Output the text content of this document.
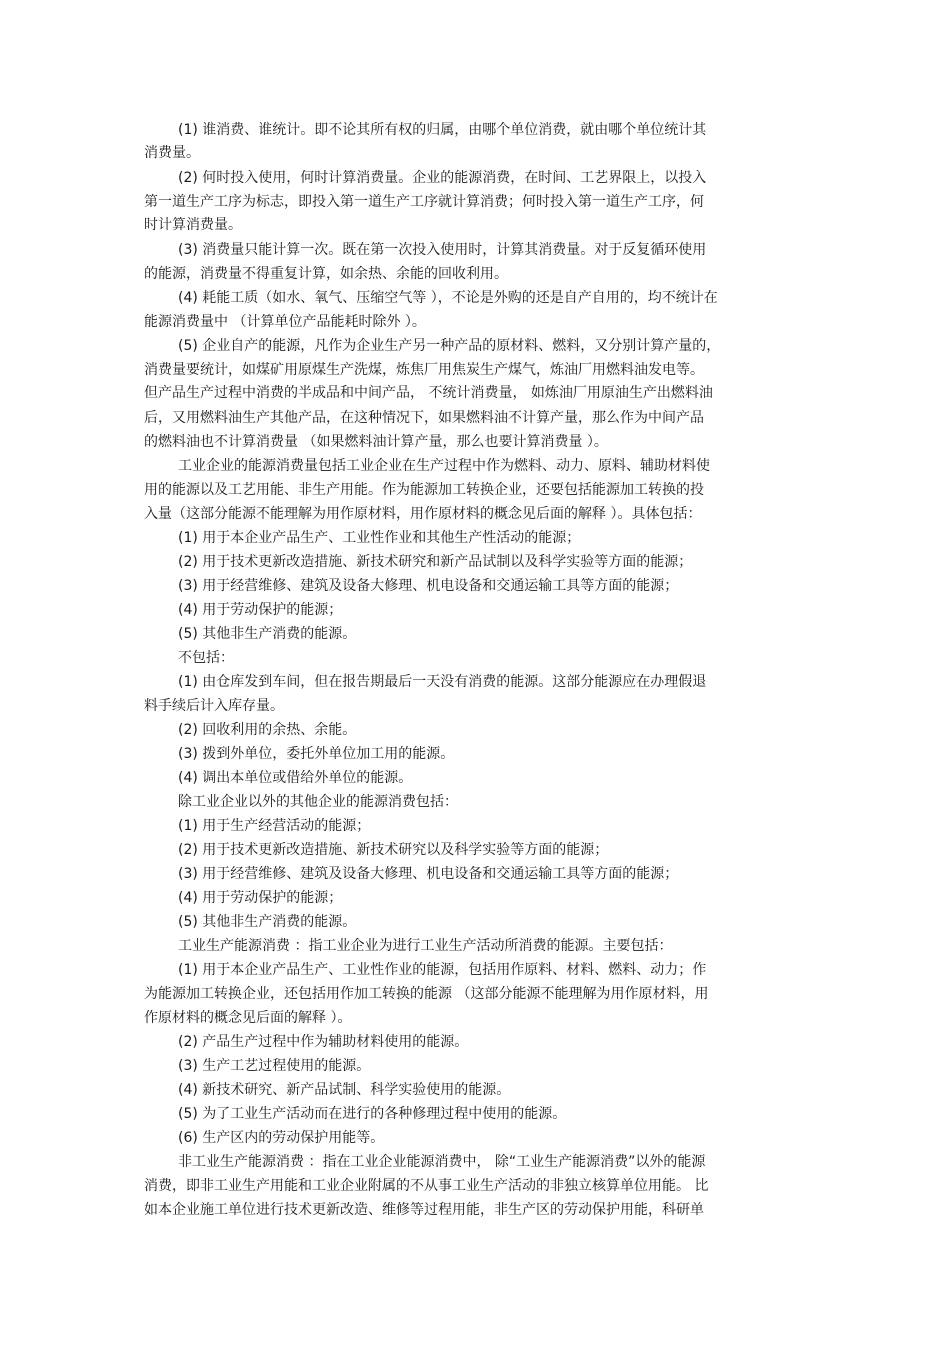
(1) 谁消费、谁统计。即不论其所有权的归属，由哪个单位消费，就由哪个单位统计其
消费量。
(2) 何时投入使用，何时计算消费量。企业的能源消费，在时间、工艺界限上，以投入
第一道生产工序为标志，即投入第一道生产工序就计算消费；何时投入第一道生产工序，何
时计算消费量。
(3) 消费量只能计算一次。既在第一次投入使用时，计算其消费量。对于反复循环使用
的能源，消费量不得重复计算，如余热、余能的回收利用。
(4) 耗能工质（如水、氧气、压缩空气等 ），不论是外购的还是自产自用的，均不统计在
能源消费量中 （计算单位产品能耗时除外 ）。
(5) 企业自产的能源，凡作为企业生产另一种产品的原材料、燃料，又分别计算产量的，
消费量要统计，如煤矿用原煤生产洗煤，炼焦厂用焦炭生产煤气，炼油厂用燃料油发电等。
但产品生产过程中消费的半成品和中间产品， 不统计消费量， 如炼油厂用原油生产出燃料油
后，又用燃料油生产其他产品，在这种情况下，如果燃料油不计算产量，那么作为中间产品
的燃料油也不计算消费量 （如果燃料油计算产量，那么也要计算消费量 ）。
工业企业的能源消费量包括工业企业在生产过程中作为燃料、动力、原料、辅助材料使
用的能源以及工艺用能、非生产用能。作为能源加工转换企业，还要包括能源加工转换的投
入量（这部分能源不能理解为用作原材料，用作原材料的概念见后面的解释 ）。具体包括：
(1) 用于本企业产品生产、工业性作业和其他生产性活动的能源；
(2) 用于技术更新改造措施、新技术研究和新产品试制以及科学实验等方面的能源；
(3) 用于经营维修、建筑及设备大修理、机电设备和交通运输工具等方面的能源；
(4) 用于劳动保护的能源；
(5) 其他非生产消费的能源。
不包括：
(1) 由仓库发到车间，但在报告期最后一天没有消费的能源。这部分能源应在办理假退
料手续后计入库存量。
(2) 回收利用的余热、余能。
(3) 拨到外单位，委托外单位加工用的能源。
(4) 调出本单位或借给外单位的能源。
除工业企业以外的其他企业的能源消费包括：
(1) 用于生产经营活动的能源；
(2) 用于技术更新改造措施、新技术研究以及科学实验等方面的能源；
(3) 用于经营维修、建筑及设备大修理、机电设备和交通运输工具等方面的能源；
(4) 用于劳动保护的能源；
(5) 其他非生产消费的能源。
工业生产能源消费 ：指工业企业为进行工业生产活动所消费的能源。主要包括：
(1) 用于本企业产品生产、工业性作业的能源，包括用作原料、材料、燃料、动力；作
为能源加工转换企业，还包括用作加工转换的能源 （这部分能源不能理解为用作原材料，用
作原材料的概念见后面的解释 ）。
(2) 产品生产过程中作为辅助材料使用的能源。
(3) 生产工艺过程使用的能源。
(4) 新技术研究、新产品试制、科学实验使用的能源。
(5) 为了工业生产活动而在进行的各种修理过程中使用的能源。
(6) 生产区内的劳动保护用能等。
非工业生产能源消费 ：指在工业企业能源消费中， 除“工业生产能源消费”以外的能源
消费，即非工业生产用能和工业企业附属的不从事工业生产活动的非独立核算单位用能。 比
如本企业施工单位进行技术更新改造、维修等过程用能，非生产区的劳动保护用能，科研单
